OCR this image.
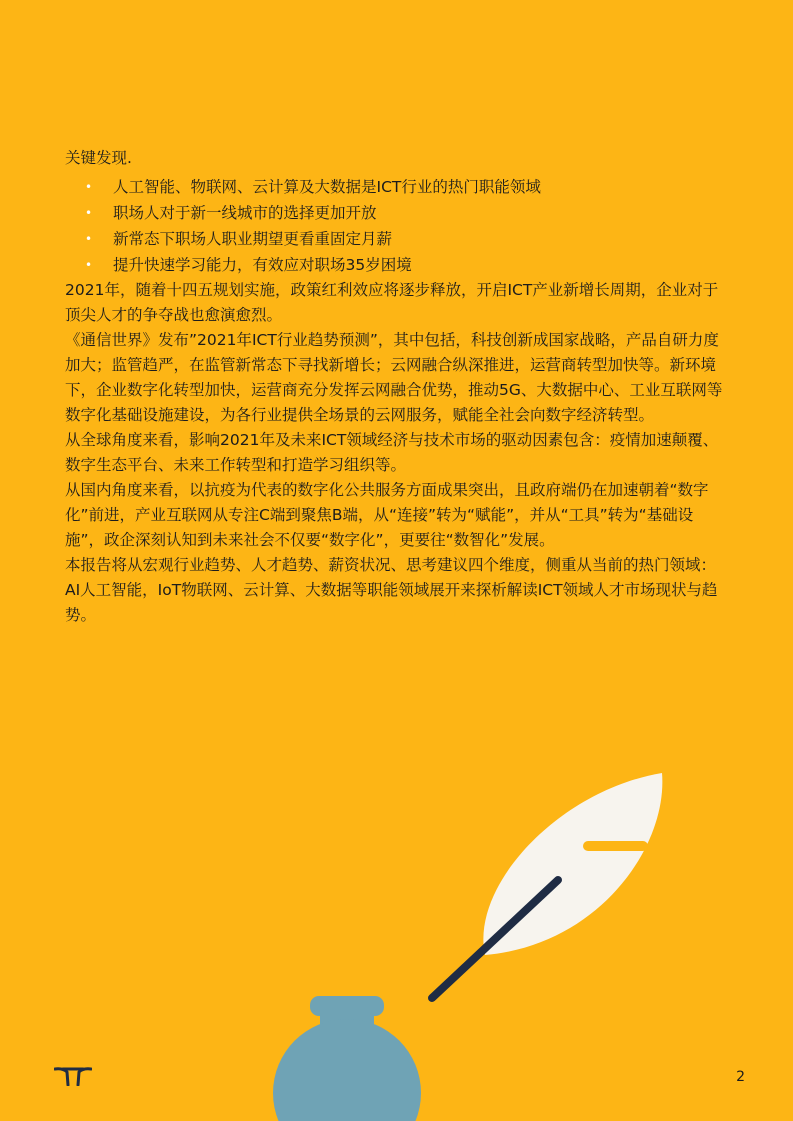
关键发现.
• 人工智能、物联网、云计算及大数据是ICT行业的热门职能领域
• 职场人对于新一线城市的选择更加开放
• 新常态下职场人职业期望更看重固定月薪
• 提升快速学习能力，有效应对职场35岁困境

2021年，随着十四五规划实施，政策红利效应将逐步释放，开启ICT产业新增长周期，企业对于顶尖人才的争夺战也愈演愈烈。

《通信世界》发布”2021年ICT行业趋势预测”，其中包括，科技创新成国家战略，产品自研力度加大；监管趋严，在监管新常态下寻找新增长；云网融合纵深推进，运营商转型加快等。新环境下，企业数字化转型加快，运营商充分发挥云网融合优势，推动5G、大数据中心、工业互联网等数字化基础设施建设，为各行业提供全场景的云网服务，赋能全社会向数字经济转型。

从全球角度来看，影响2021年及未来ICT领域经济与技术市场的驱动因素包含：疫情加速颠覆、数字生态平台、未来工作转型和打造学习组织等。

从国内角度来看，以抗疫为代表的数字化公共服务方面成果突出，且政府端仍在加速朝着“数字化”前进，产业互联网从专注C端到聚焦B端，从“连接”转为“赋能”，并从“工具”转为“基础设施”，政企深刻认知到未来社会不仅要“数字化”，更要往“数智化”发展。

本报告将从宏观行业趋势、人才趋势、薪资状况、思考建议四个维度，侧重从当前的热门领域：AI人工智能，IoT物联网、云计算、大数据等职能领域展开来探析解读ICT领域人才市场现状与趋势。

2
